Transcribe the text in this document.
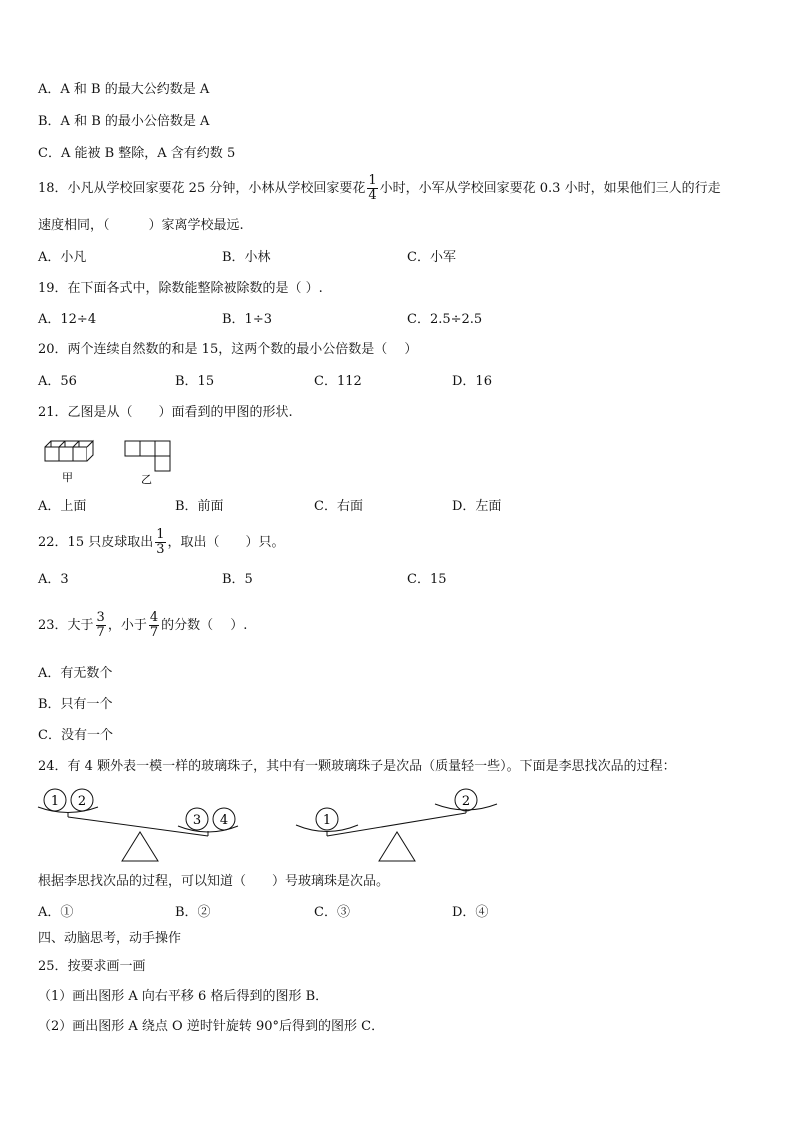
A．A 和 B 的最大公约数是 A
B．A 和 B 的最小公倍数是 A
C．A 能被 B 整除，A 含有约数 5
18．小凡从学校回家要花 25 分钟，小林从学校回家要花 $\frac{1}{4}$ 小时，小军从学校回家要花 0.3 小时，如果他们三人的行走
速度相同，（　　　）家离学校最远.
A．小凡	B．小林	C．小军
19．在下面各式中，除数能整除被除数的是（ ）.
A．12÷4	B．1÷3	C．2.5÷2.5
20．两个连续自然数的和是 15，这两个数的最小公倍数是（　 ）
A．56	B．15	C．112	D．16
21．乙图是从（　　）面看到的甲图的形状.
甲	乙
A．上面	B．前面	C．右面	D．左面
22．15 只皮球取出 $\frac{1}{3}$ ，取出（　　）只。
A．3	B．5	C．15
23．大于 $\frac{3}{7}$ ，小于 $\frac{4}{7}$ 的分数（　 ）.
A．有无数个
B．只有一个
C．没有一个
24．有 4 颗外表一模一样的玻璃珠子，其中有一颗玻璃珠子是次品（质量轻一些）。下面是李思找次品的过程：
1 2
3 4	1
2
根据李思找次品的过程，可以知道（　　）号玻璃珠是次品。
A．①	B．②	C．③	D．④
四、动脑思考，动手操作
25．按要求画一画
（1）画出图形 A 向右平移 6 格后得到的图形 B．
（2）画出图形 A 绕点 O 逆时针旋转 90°后得到的图形 C．
